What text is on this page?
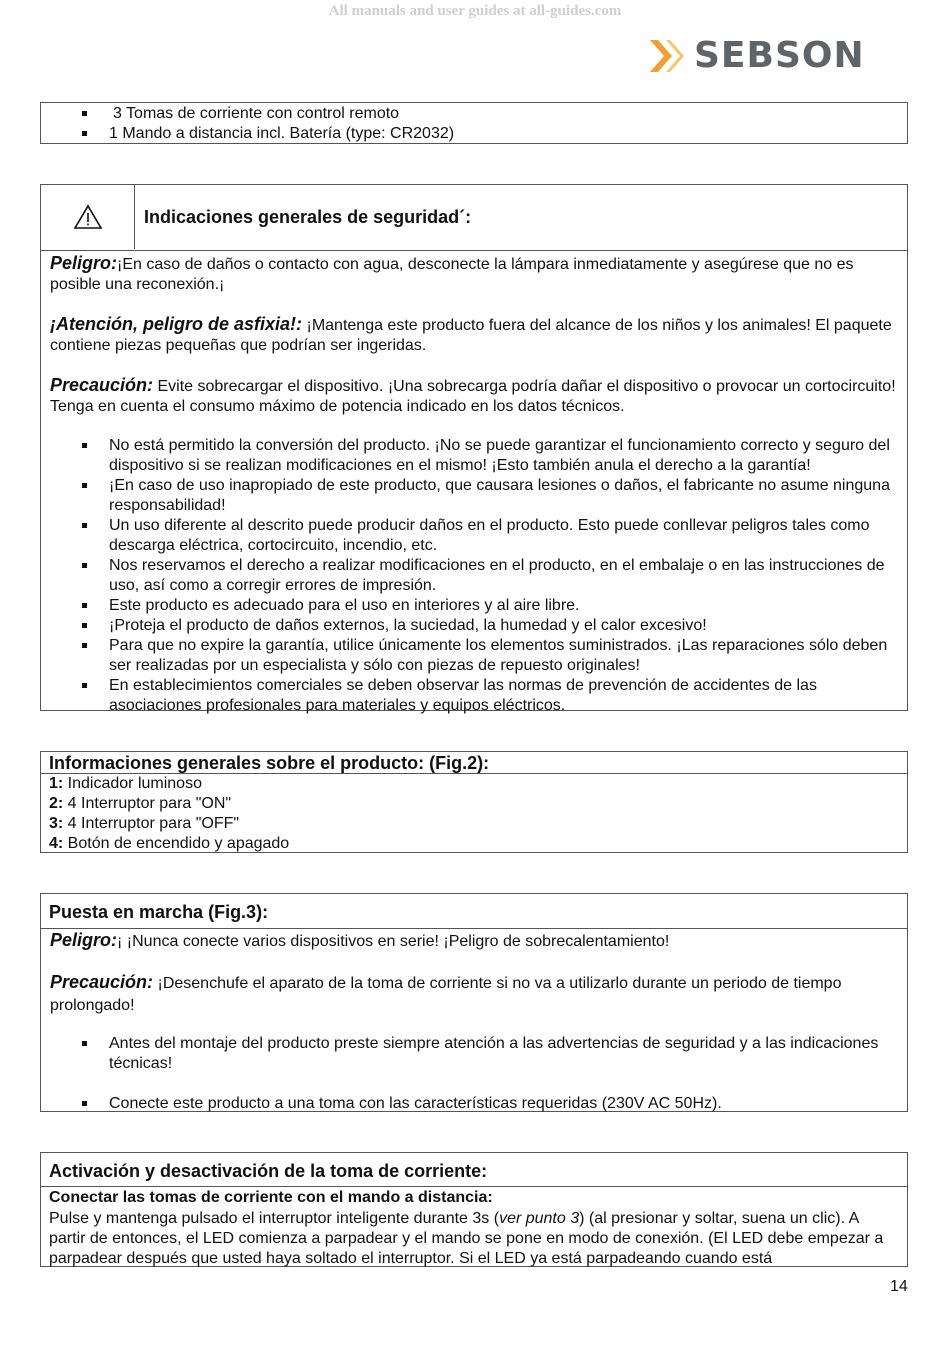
All manuals and user guides at all-guides.com
SEBSON
3 Tomas de corriente con control remoto
1 Mando a distancia incl. Batería (type: CR2032)
Indicaciones generales de seguridad´:

Peligro:¡En caso de daños o contacto con agua, desconecte la lámpara inmediatamente y asegúrese que no es posible una reconexión.¡

¡Atención, peligro de asfixia!: ¡Mantenga este producto fuera del alcance de los niños y los animales! El paquete contiene piezas pequeñas que podrían ser ingeridas.

Precaución: Evite sobrecargar el dispositivo. ¡Una sobrecarga podría dañar el dispositivo o provocar un cortocircuito! Tenga en cuenta el consumo máximo de potencia indicado en los datos técnicos.

No está permitido la conversión del producto. ¡No se puede garantizar el funcionamiento correcto y seguro del dispositivo si se realizan modificaciones en el mismo! ¡Esto también anula el derecho a la garantía!
¡En caso de uso inapropiado de este producto, que causara lesiones o daños, el fabricante no asume ninguna responsabilidad!
Un uso diferente al descrito puede producir daños en el producto. Esto puede conllevar peligros tales como descarga eléctrica, cortocircuito, incendio, etc.
Nos reservamos el derecho a realizar modificaciones en el producto, en el embalaje o en las instrucciones de uso, así como a corregir errores de impresión.
Este producto es adecuado para el uso en interiores y al aire libre.
¡Proteja el producto de daños externos, la suciedad, la humedad y el calor excesivo!
Para que no expire la garantía, utilice únicamente los elementos suministrados. ¡Las reparaciones sólo deben ser realizadas por un especialista y sólo con piezas de repuesto originales!
En establecimientos comerciales se deben observar las normas de prevención de accidentes de las asociaciones profesionales para materiales y equipos eléctricos.
Informaciones generales sobre el producto: (Fig.2):
1: Indicador luminoso
2: 4 Interruptor para "ON"
3: 4 Interruptor para "OFF"
4: Botón de encendido y apagado
Puesta en marcha (Fig.3):

Peligro:¡ ¡Nunca conecte varios dispositivos en serie! ¡Peligro de sobrecalentamiento!

Precaución: ¡Desenchufe el aparato de la toma de corriente si no va a utilizarlo durante un periodo de tiempo prolongado!

Antes del montaje del producto preste siempre atención a las advertencias de seguridad y a las indicaciones técnicas!
Conecte este producto a una toma con las características requeridas (230V AC 50Hz).
Activación y desactivación de la toma de corriente:
Conectar las tomas de corriente con el mando a distancia:
Pulse y mantenga pulsado el interruptor inteligente durante 3s (ver punto 3) (al presionar y soltar, suena un clic). A partir de entonces, el LED comienza a parpadear y el mando se pone en modo de conexión. (El LED debe empezar a parpadear después que usted haya soltado el interruptor. Si el LED ya está parpadeando cuando está
14
